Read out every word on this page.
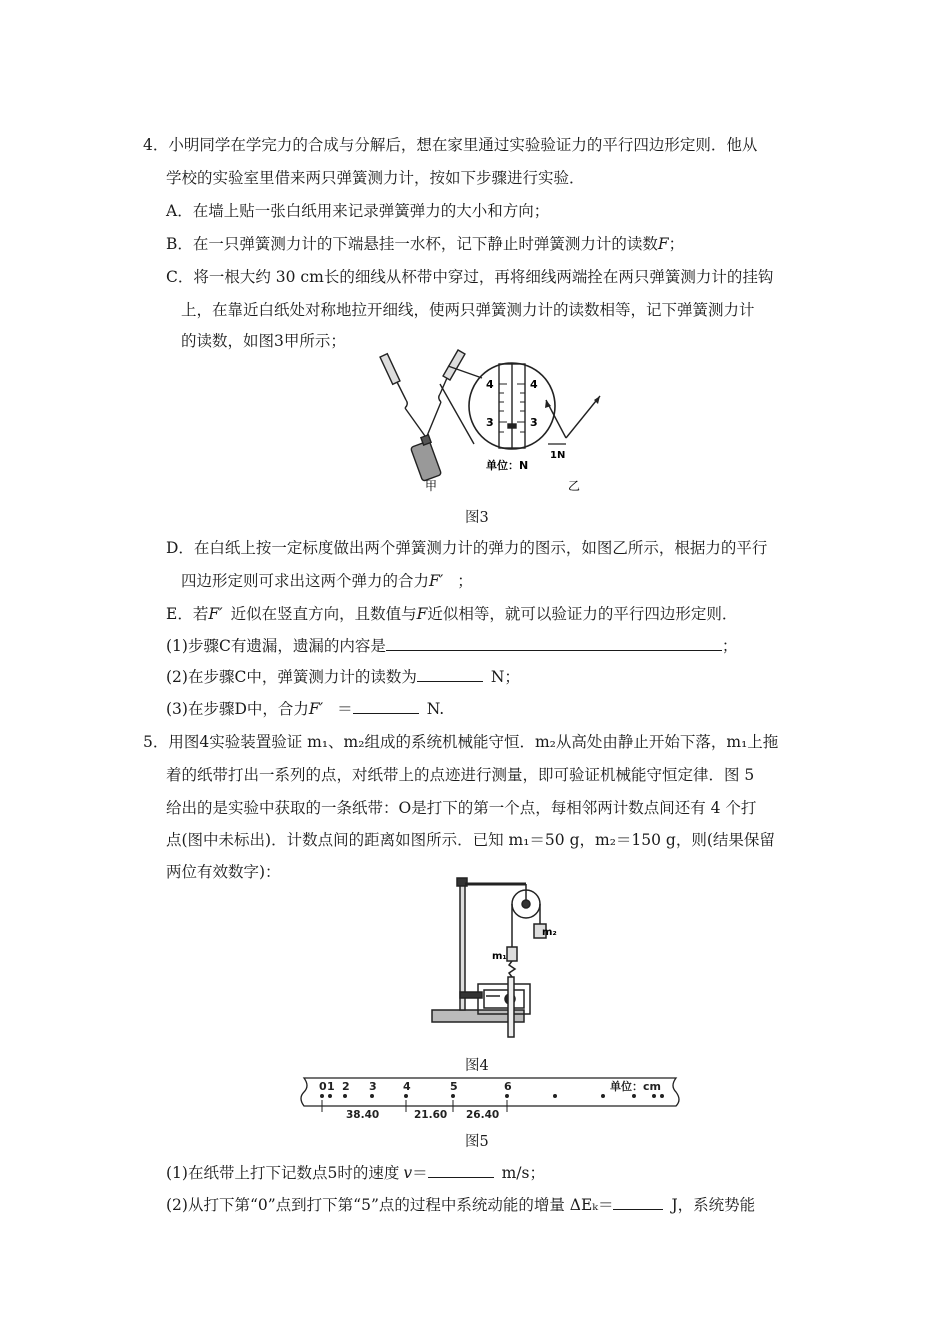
4．小明同学在学完力的合成与分解后，想在家里通过实验验证力的平行四边形定则．他从
学校的实验室里借来两只弹簧测力计，按如下步骤进行实验．
A．在墙上贴一张白纸用来记录弹簧弹力的大小和方向；
B．在一只弹簧测力计的下端悬挂一水杯，记下静止时弹簧测力计的读数F；
C．将一根大约 30 cm长的细线从杯带中穿过，再将细线两端拴在两只弹簧测力计的挂钩
上，在靠近白纸处对称地拉开细线，使两只弹簧测力计的读数相等，记下弹簧测力计
的读数，如图3甲所示；
4	4
3	3
单位：N
1N
甲	乙
图3
D．在白纸上按一定标度做出两个弹簧测力计的弹力的图示，如图乙所示，根据力的平行
四边形定则可求出这两个弹力的合力F′ ；
E．若F′ 近似在竖直方向，且数值与F近似相等，就可以验证力的平行四边形定则．
(1)步骤C有遗漏，遗漏的内容是	；
(2)在步骤C中，弹簧测力计的读数为	N；
(3)在步骤D中，合力F′ ＝	N.
5．用图4实验装置验证 m₁、m₂组成的系统机械能守恒．m₂从高处由静止开始下落，m₁上拖
着的纸带打出一系列的点，对纸带上的点迹进行测量，即可验证机械能守恒定律．图 5
给出的是实验中获取的一条纸带：O是打下的第一个点，每相邻两计数点间还有 4 个打
点(图中未标出)．计数点间的距离如图所示．已知 m₁＝50 g，m₂＝150 g，则(结果保留
两位有效数字)：
m₁
m₂
图4
0 1 2 3 4	5	6	单位：cm
38.40	21.60 26.40
图5
(1)在纸带上打下记数点5时的速度 v＝	m/s；
(2)从打下第“0”点到打下第“5”点的过程中系统动能的增量 ΔEₖ＝	J，系统势能
